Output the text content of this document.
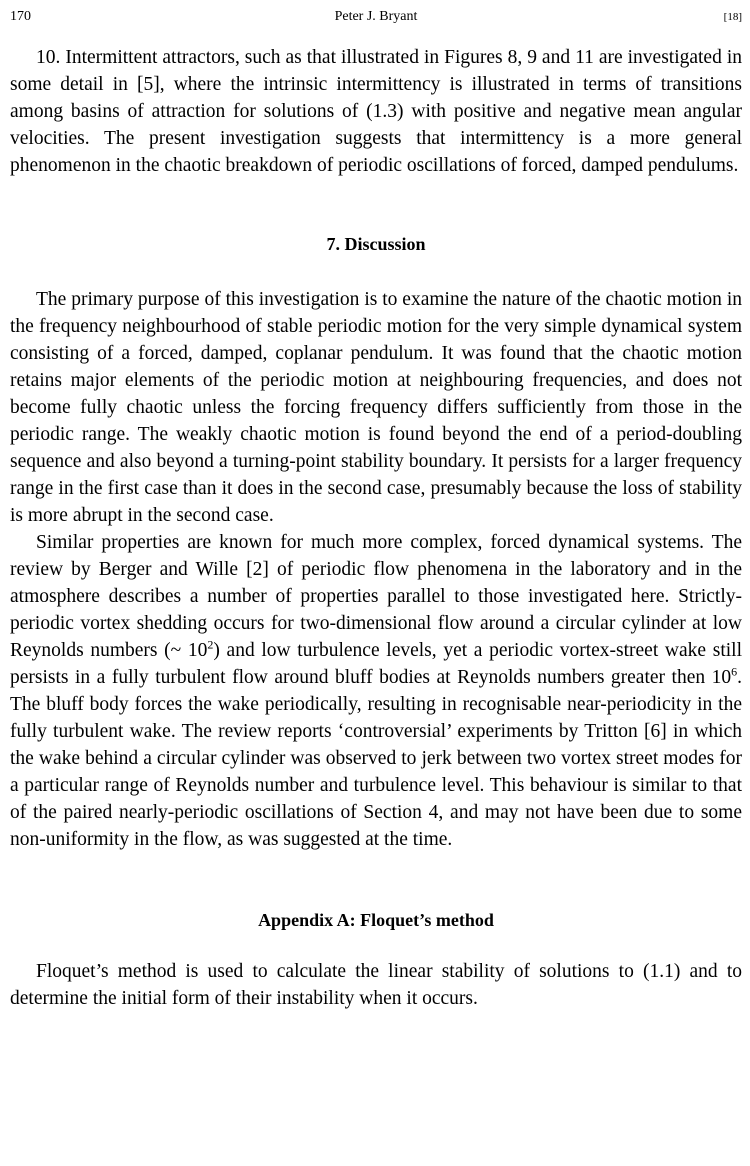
170	Peter J. Bryant	[18]

10. Intermittent attractors, such as that illustrated in Figures 8, 9 and 11 are investigated in some detail in [5], where the intrinsic intermittency is illustrated in terms of transitions among basins of attraction for solutions of (1.3) with positive and negative mean angular velocities. The present investigation suggests that intermittency is a more general phenomenon in the chaotic breakdown of periodic oscillations of forced, damped pendulums.

7. Discussion

The primary purpose of this investigation is to examine the nature of the chaotic motion in the frequency neighbourhood of stable periodic motion for the very simple dynamical system consisting of a forced, damped, coplanar pendulum. It was found that the chaotic motion retains major elements of the periodic motion at neighbouring frequencies, and does not become fully chaotic unless the forcing frequency differs sufficiently from those in the periodic range. The weakly chaotic motion is found beyond the end of a period-doubling sequence and also beyond a turning-point stability boundary. It persists for a larger frequency range in the first case than it does in the second case, presumably because the loss of stability is more abrupt in the second case.

Similar properties are known for much more complex, forced dynamical systems. The review by Berger and Wille [2] of periodic flow phenomena in the laboratory and in the atmosphere describes a number of properties parallel to those investigated here. Strictly-periodic vortex shedding occurs for two-dimensional flow around a circular cylinder at low Reynolds numbers (~ $10^2$) and low turbulence levels, yet a periodic vortex-street wake still persists in a fully turbulent flow around bluff bodies at Reynolds numbers greater then $10^6$. The bluff body forces the wake periodically, resulting in recognisable near-periodicity in the fully turbulent wake. The review reports ‘controversial’ experiments by Tritton [6] in which the wake behind a circular cylinder was observed to jerk between two vortex street modes for a particular range of Reynolds number and turbulence level. This behaviour is similar to that of the paired nearly-periodic oscillations of Section 4, and may not have been due to some non-uniformity in the flow, as was suggested at the time.

Appendix A: Floquet’s method

Floquet’s method is used to calculate the linear stability of solutions to (1.1) and to determine the initial form of their instability when it occurs.
